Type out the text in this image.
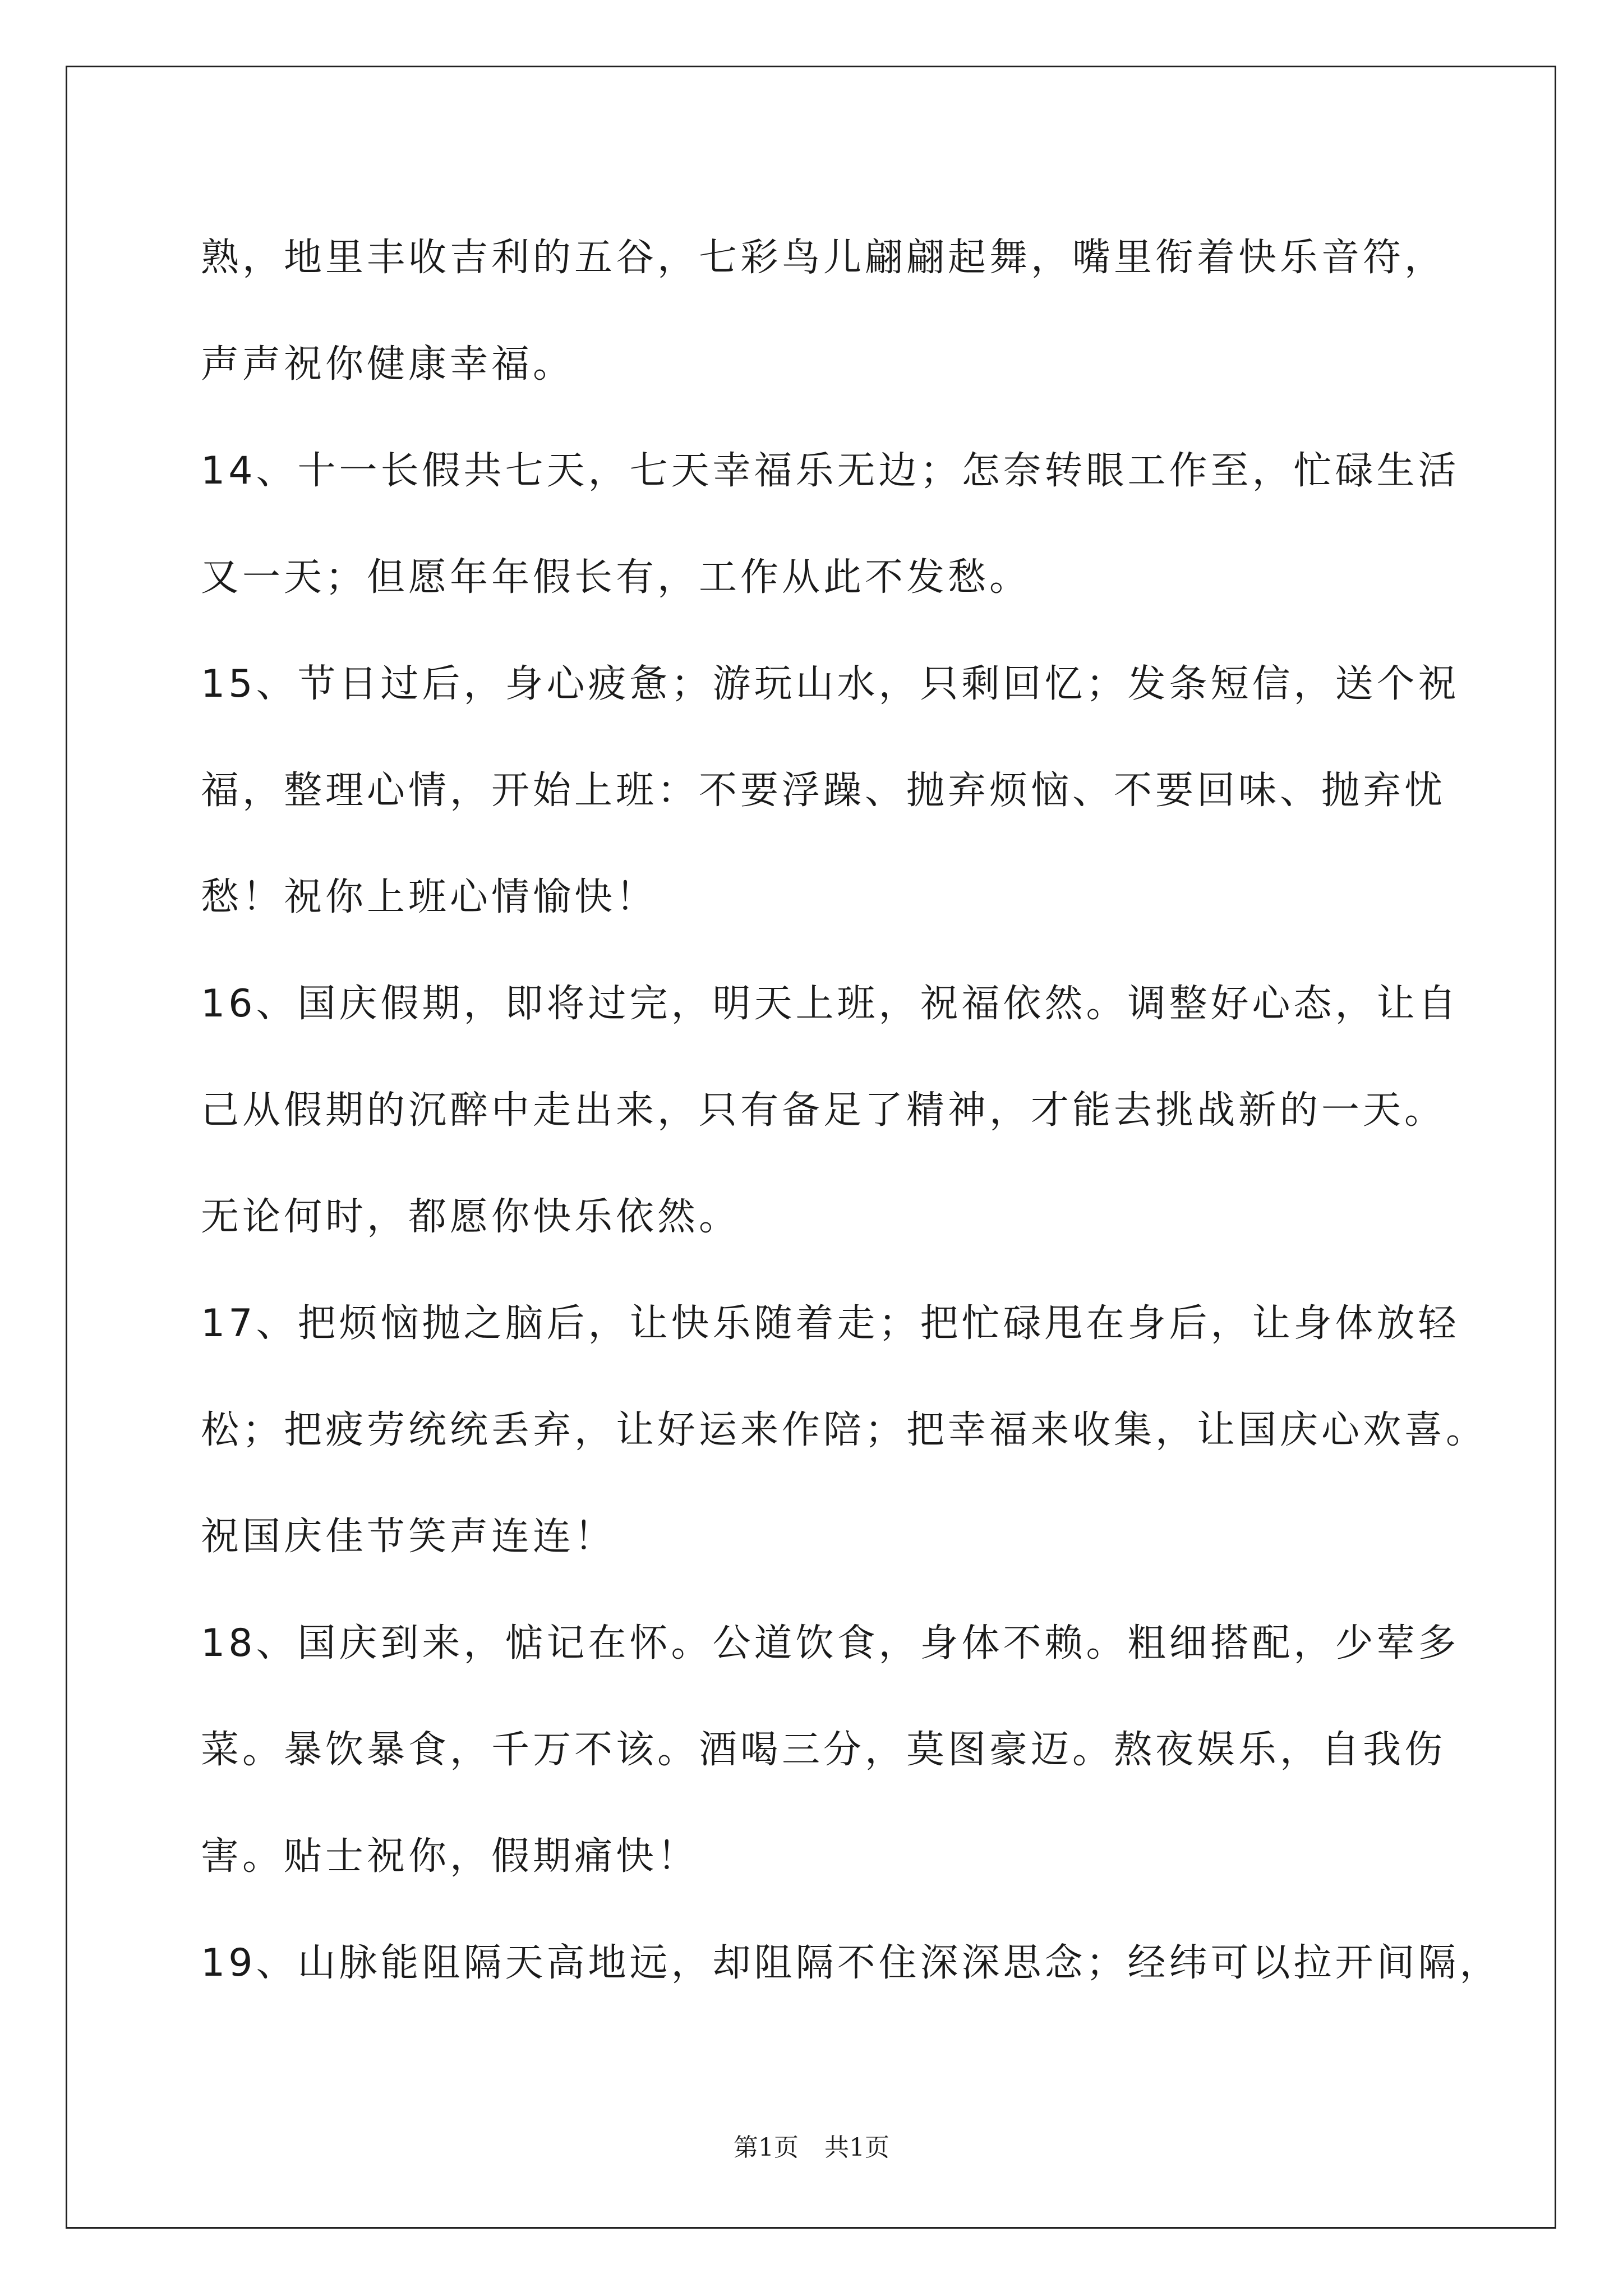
熟，地里丰收吉利的五谷，七彩鸟儿翩翩起舞，嘴里衔着快乐音符，
声声祝你健康幸福。
14、十一长假共七天，七天幸福乐无边；怎奈转眼工作至，忙碌生活
又一天；但愿年年假长有，工作从此不发愁。
15、节日过后，身心疲惫；游玩山水，只剩回忆；发条短信，送个祝
福，整理心情，开始上班：不要浮躁、抛弃烦恼、不要回味、抛弃忧
愁！祝你上班心情愉快！
16、国庆假期，即将过完，明天上班，祝福依然。调整好心态，让自
己从假期的沉醉中走出来，只有备足了精神，才能去挑战新的一天。
无论何时，都愿你快乐依然。
17、把烦恼抛之脑后，让快乐随着走；把忙碌甩在身后，让身体放轻
松；把疲劳统统丢弃，让好运来作陪；把幸福来收集，让国庆心欢喜。
祝国庆佳节笑声连连！
18、国庆到来，惦记在怀。公道饮食，身体不赖。粗细搭配，少荤多
菜。暴饮暴食，千万不该。酒喝三分，莫图豪迈。熬夜娱乐，自我伤
害。贴士祝你，假期痛快！
19、山脉能阻隔天高地远，却阻隔不住深深思念；经纬可以拉开间隔，
第1页 共1页
